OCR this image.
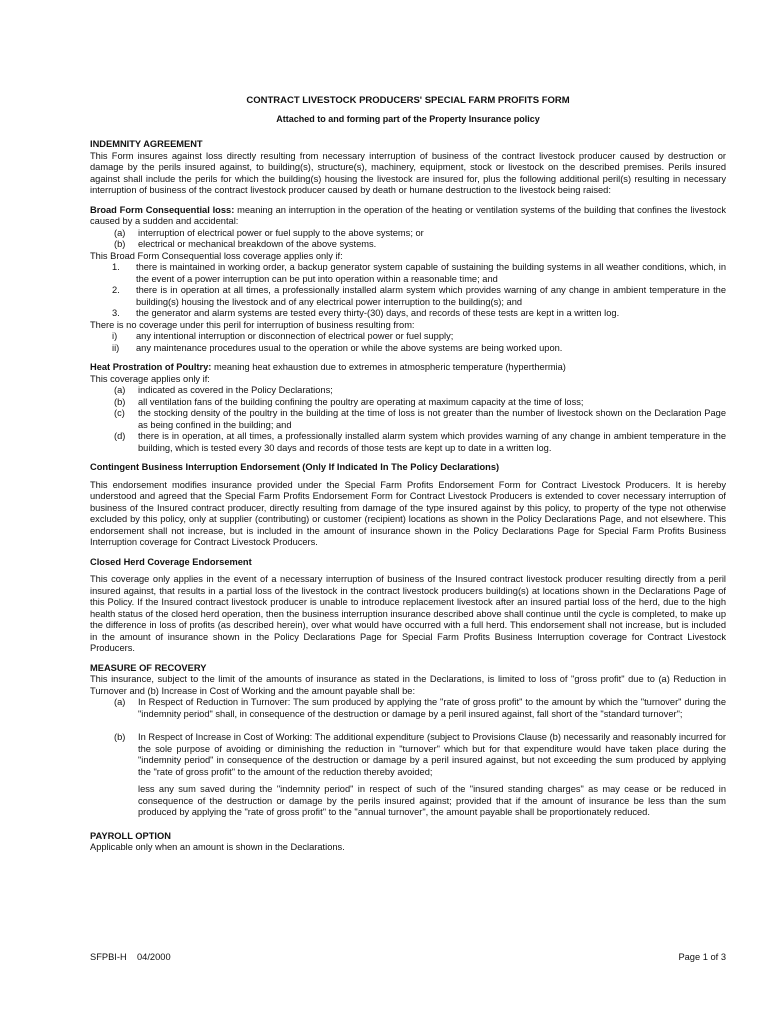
CONTRACT LIVESTOCK PRODUCERS' SPECIAL FARM PROFITS FORM

Attached to and forming part of the Property Insurance policy

INDEMNITY AGREEMENT

This Form insures against loss directly resulting from necessary interruption of business of the contract livestock producer caused by destruction or damage by the perils insured against, to building(s), structure(s), machinery, equipment, stock or livestock on the described premises. Perils insured against shall include the perils for which the building(s) housing the livestock are insured for, plus the following additional peril(s) resulting in necessary interruption of business of the contract livestock producer caused by death or humane destruction to the livestock being raised:

Broad Form Consequential loss: meaning an interruption in the operation of the heating or ventilation systems of the building that confines the livestock caused by a sudden and accidental:

(a)	interruption of electrical power or fuel supply to the above systems; or
(b)	electrical or mechanical breakdown of the above systems.

This Broad Form Consequential loss coverage applies only if:

1.	there is maintained in working order, a backup generator system capable of sustaining the building systems in all weather conditions, which, in the event of a power interruption can be put into operation within a reasonable time; and
2.	there is in operation at all times, a professionally installed alarm system which provides warning of any change in ambient temperature in the building(s) housing the livestock and of any electrical power interruption to the building(s); and
3.	the generator and alarm systems are tested every thirty-(30) days, and records of these tests are kept in a written log.

There is no coverage under this peril for interruption of business resulting from:

i)	any intentional interruption or disconnection of electrical power or fuel supply;
ii)	any maintenance procedures usual to the operation or while the above systems are being worked upon.

Heat Prostration of Poultry: meaning heat exhaustion due to extremes in atmospheric temperature (hyperthermia)

This coverage applies only if:

(a)	indicated as covered in the Policy Declarations;
(b)	all ventilation fans of the building confining the poultry are operating at maximum capacity at the time of loss;
(c)	the stocking density of the poultry in the building at the time of loss is not greater than the number of livestock shown on the Declaration Page as being confined in the building; and
(d)	there is in operation, at all times, a professionally installed alarm system which provides warning of any change in ambient temperature in the building, which is tested every 30 days and records of those tests are kept up to date in a written log.
Contingent Business Interruption Endorsement (Only If Indicated In The Policy Declarations)

This endorsement modifies insurance provided under the Special Farm Profits Endorsement Form for Contract Livestock Producers. It is hereby understood and agreed that the Special Farm Profits Endorsement Form for Contract Livestock Producers is extended to cover necessary interruption of business of the Insured contract producer, directly resulting from damage of the type insured against by this policy, to property of the type not otherwise excluded by this policy, only at supplier (contributing) or customer (recipient) locations as shown in the Policy Declarations Page, and not elsewhere. This endorsement shall not increase, but is included in the amount of insurance shown in the Policy Declarations Page for Special Farm Profits Business Interruption coverage for Contract Livestock Producers.

Closed Herd Coverage Endorsement

This coverage only applies in the event of a necessary interruption of business of the Insured contract livestock producer resulting directly from a peril insured against, that results in a partial loss of the livestock in the contract livestock producers building(s) at locations shown in the Declarations Page of this Policy. If the Insured contract livestock producer is unable to introduce replacement livestock after an insured partial loss of the herd, due to the high health status of the closed herd operation, then the business interruption insurance described above shall continue until the cycle is completed, to make up the difference in loss of profits (as described herein), over what would have occurred with a full herd. This endorsement shall not increase, but is included in the amount of insurance shown in the Policy Declarations Page for Special Farm Profits Business Interruption coverage for Contract Livestock Producers.

MEASURE OF RECOVERY

This insurance, subject to the limit of the amounts of insurance as stated in the Declarations, is limited to loss of "gross profit" due to (a) Reduction in Turnover and (b) Increase in Cost of Working and the amount payable shall be:

(a)	In Respect of Reduction in Turnover: The sum produced by applying the "rate of gross profit" to the amount by which the "turnover" during the "indemnity period" shall, in consequence of the destruction or damage by a peril insured against, fall short of the "standard turnover";
(b)	In Respect of Increase in Cost of Working: The additional expenditure (subject to Provisions Clause (b) necessarily and reasonably incurred for the sole purpose of avoiding or diminishing the reduction in "turnover" which but for that expenditure would have taken place during the "indemnity period" in consequence of the destruction or damage by a peril insured against, but not exceeding the sum produced by applying the "rate of gross profit" to the amount of the reduction thereby avoided;

less any sum saved during the "indemnity period" in respect of such of the "insured standing charges" as may cease or be reduced in consequence of the destruction or damage by the perils insured against; provided that if the amount of insurance be less than the sum produced by applying the "rate of gross profit" to the "annual turnover", the amount payable shall be proportionately reduced.

PAYROLL OPTION

Applicable only when an amount is shown in the Declarations.

SFPBI-H    04/2000	Page 1 of 3
